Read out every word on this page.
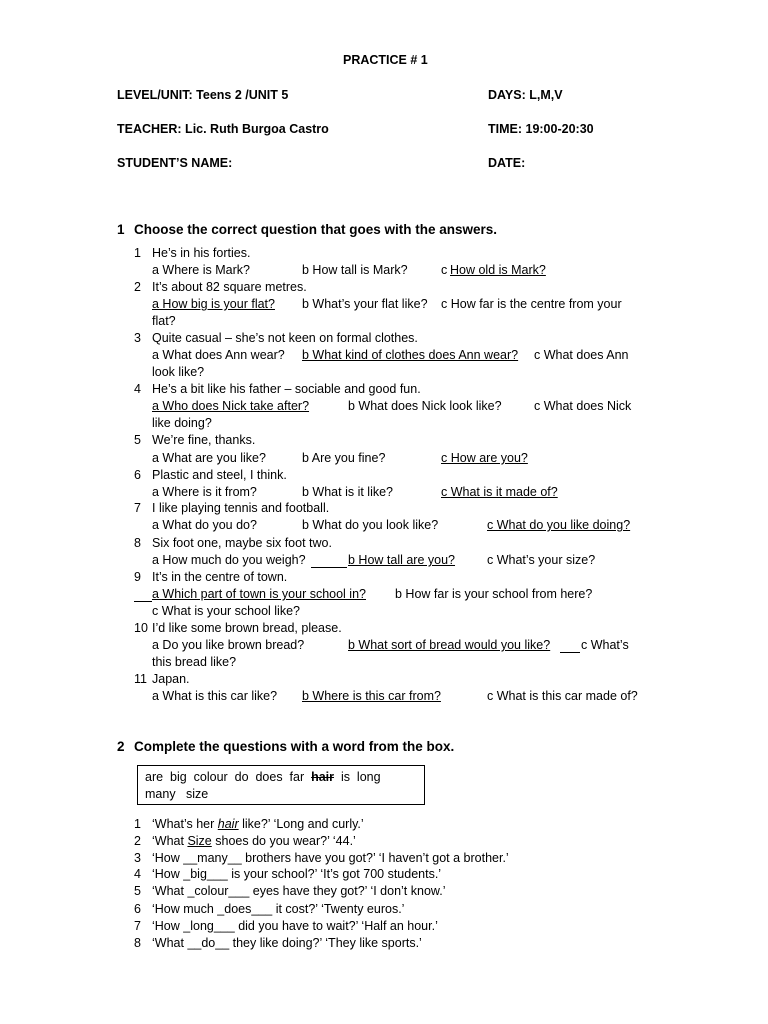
PRACTICE # 1
LEVEL/UNIT: Teens 2 /UNIT 5	DAYS: L,M,V
TEACHER: Lic. Ruth Burgoa Castro	TIME: 19:00-20:30
STUDENT’S NAME:	DATE:
1 Choose the correct question that goes with the answers.
1 He’s in his forties.
a Where is Mark?	b How tall is Mark?	c How old is Mark?
2 It’s about 82 square metres.
a How big is your flat? b What’s your flat like? c How far is the centre from your
flat?
3 Quite casual – she’s not keen on formal clothes.
a What does Ann wear? b What kind of clothes does Ann wear? c What does Ann
look like?
4 He’s a bit like his father – sociable and good fun.
a Who does Nick take after?	b What does Nick look like?	c What does Nick
like doing?
5 We’re fine, thanks.
a What are you like?	b Are you fine?	c How are you?
6 Plastic and steel, I think.
a Where is it from?	b What is it like?	c What is it made of?
7 I like playing tennis and football.
a What do you do?	b What do you look like?	c What do you like doing?
8 Six foot one, maybe six foot two.
a How much do you weigh?	b How tall are you?	c What’s your size?
9 It’s in the centre of town.
a Which part of town is your school in? b How far is your school from here?
c What is your school like?
10 I’d like some brown bread, please.
a Do you like brown bread?	b What sort of bread would you like? c What’s
this bread like?
11 Japan.
a What is this car like? b Where is this car from?	c What is this car made of?
2 Complete the questions with a word from the box.
are  big  colour  do  does  far  hair  is  long
many   size
1 ‘What’s her hair like?’ ‘Long and curly.’
2 ‘What Size shoes do you wear?’ ‘44.’
3 ‘How __many__ brothers have you got?’ ‘I haven’t got a brother.’
4 ‘How _big___ is your school?’ ‘It’s got 700 students.’
5 ‘What _colour___ eyes have they got?’ ‘I don’t know.’
6 ‘How much _does___ it cost?’ ‘Twenty euros.’
7 ‘How _long___ did you have to wait?’ ‘Half an hour.’
8 ‘What __do__ they like doing?’ ‘They like sports.’
